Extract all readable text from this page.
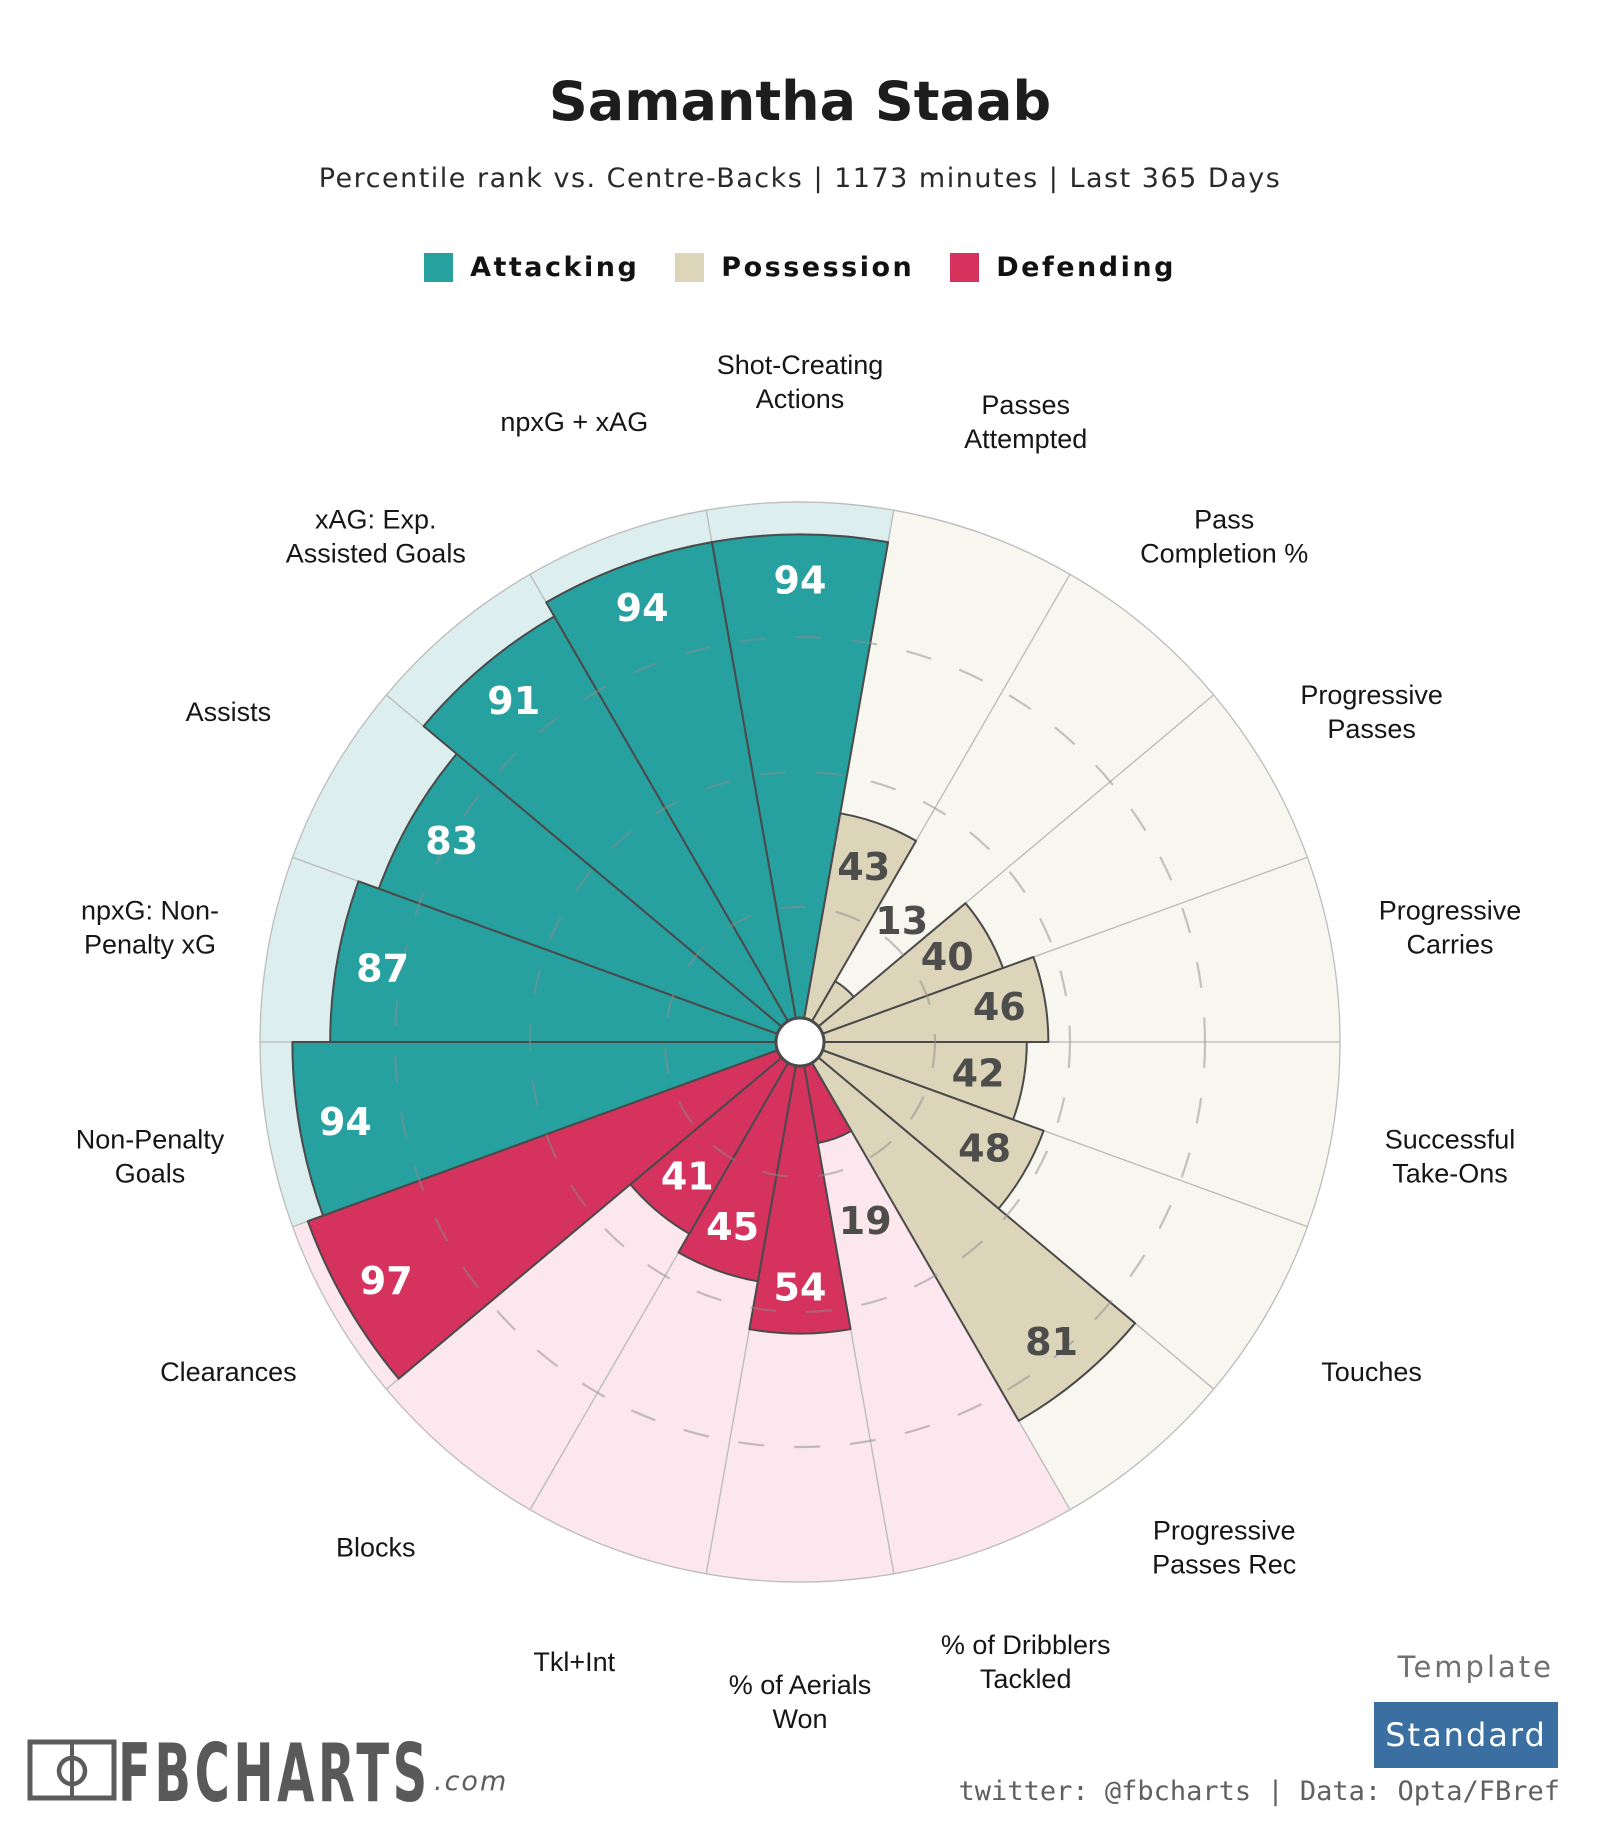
Samantha Staab
Percentile rank vs. Centre-Backs | 1173 minutes | Last 365 Days
Attacking	Possession	Defending
94
43
13
40
46
42
48
81
19
54
45
41
97
94
87
83
91
94
Shot-Creating Actions	Passes Attempted
Pass Completion %
Progressive Passes
Progressive Carries
Successful Take-Ons
Touches
Progressive Passes Rec
% of Dribblers Tackled
% of Aerials Won
Tkl+Int
Blocks
Clearances
Non-Penalty Goals
npxG: Non-Penalty xG
Assists
xAG: Exp. Assisted Goals
npxG + xAG
FBCHARTS .com
Template
Standard
twitter: @fbcharts | Data: Opta/FBref
